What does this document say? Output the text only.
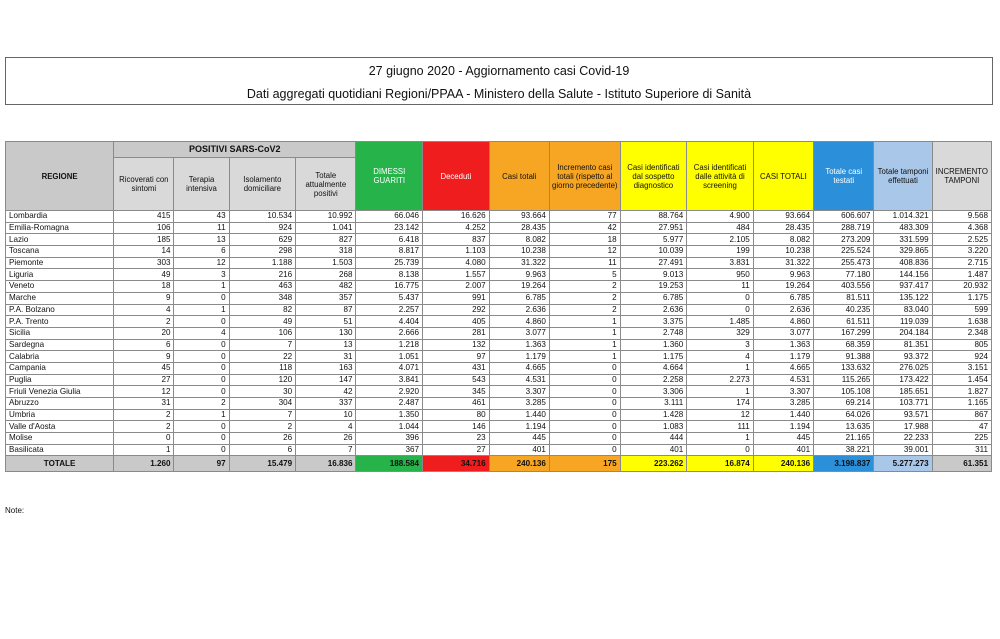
27 giugno 2020 - Aggiornamento casi Covid-19
Dati aggregati quotidiani Regioni/PPAA - Ministero della Salute - Istituto Superiore di Sanità
REGIONE	POSITIVI SARS-CoV2				DIMESSI GUARITI	Deceduti	Casi totali	Incremento casi totali (rispetto al giorno precedente)	Casi identificati dal sospetto diagnostico	Casi identificati dalle attività di screening	CASI TOTALI	Totale casi testati	Totale tamponi effettuati	INCREMENTO TAMPONI
	Ricoverati con sintomi	Terapia intensiva	Isolamento domiciliare	Totale attualmente positivi										
Lombardia	415	43	10.534	10.992	66.046	16.626	93.664	77	88.764	4.900	93.664	606.607	1.014.321	9.568
Emilia-Romagna	106	11	924	1.041	23.142	4.252	28.435	42	27.951	484	28.435	288.719	483.309	4.368
Lazio	185	13	629	827	6.418	837	8.082	18	5.977	2.105	8.082	273.209	331.599	2.525
Toscana	14	6	298	318	8.817	1.103	10.238	12	10.039	199	10.238	225.524	329.865	3.220
Piemonte	303	12	1.188	1.503	25.739	4.080	31.322	11	27.491	3.831	31.322	255.473	408.836	2.715
Liguria	49	3	216	268	8.138	1.557	9.963	5	9.013	950	9.963	77.180	144.156	1.487
Veneto	18	1	463	482	16.775	2.007	19.264	2	19.253	11	19.264	403.556	937.417	20.932
Marche	9	0	348	357	5.437	991	6.785	2	6.785	0	6.785	81.511	135.122	1.175
P.A. Bolzano	4	1	82	87	2.257	292	2.636	2	2.636	0	2.636	40.235	83.040	599
P.A. Trento	2	0	49	51	4.404	405	4.860	1	3.375	1.485	4.860	61.511	119.039	1.638
Sicilia	20	4	106	130	2.666	281	3.077	1	2.748	329	3.077	167.299	204.184	2.348
Sardegna	6	0	7	13	1.218	132	1.363	1	1.360	3	1.363	68.359	81.351	805
Calabria	9	0	22	31	1.051	97	1.179	1	1.175	4	1.179	91.388	93.372	924
Campania	45	0	118	163	4.071	431	4.665	0	4.664	1	4.665	133.632	276.025	3.151
Puglia	27	0	120	147	3.841	543	4.531	0	2.258	2.273	4.531	115.265	173.422	1.454
Friuli Venezia Giulia	12	0	30	42	2.920	345	3.307	0	3.306	1	3.307	105.108	185.651	1.827
Abruzzo	31	2	304	337	2.487	461	3.285	0	3.111	174	3.285	69.214	103.771	1.165
Umbria	2	1	7	10	1.350	80	1.440	0	1.428	12	1.440	64.026	93.571	867
Valle d'Aosta	2	0	2	4	1.044	146	1.194	0	1.083	111	1.194	13.635	17.988	47
Molise	0	0	26	26	396	23	445	0	444	1	445	21.165	22.233	225
Basilicata	1	0	6	7	367	27	401	0	401	0	401	38.221	39.001	311
TOTALE	1.260	97	15.479	16.836	188.584	34.716	240.136	175	223.262	16.874	240.136	3.198.837	5.277.273	61.351
Note:
